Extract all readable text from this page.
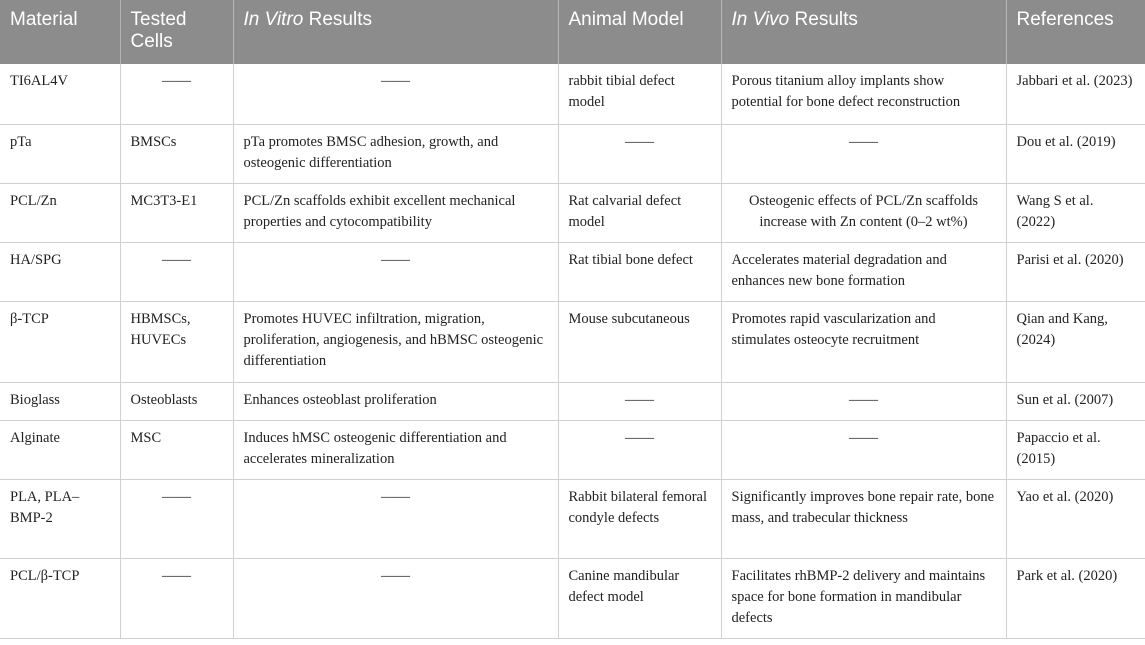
Material	Tested Cells	In Vitro Results	Animal Model	In Vivo Results	References
TI6AL4V	——	——	rabbit tibial defect model	Porous titanium alloy implants show potential for bone defect reconstruction	Jabbari et al. (2023)
pTa	BMSCs	pTa promotes BMSC adhesion, growth, and osteogenic differentiation	——	——	Dou et al. (2019)
PCL/Zn	MC3T3-E1	PCL/Zn scaffolds exhibit excellent mechanical properties and cytocompatibility	Rat calvarial defect model	Osteogenic effects of PCL/Zn scaffolds increase with Zn content (0–2 wt%)	Wang S et al. (2022)
HA/SPG	——	——	Rat tibial bone defect	Accelerates material degradation and enhances new bone formation	Parisi et al. (2020)
β-TCP	HBMSCs, HUVECs	Promotes HUVEC infiltration, migration, proliferation, angiogenesis, and hBMSC osteogenic differentiation	Mouse subcutaneous	Promotes rapid vascularization and stimulates osteocyte recruitment	Qian and Kang, (2024)
Bioglass	Osteoblasts	Enhances osteoblast proliferation	——	——	Sun et al. (2007)
Alginate	MSC	Induces hMSC osteogenic differentiation and accelerates mineralization	——	——	Papaccio et al. (2015)
PLA, PLA–BMP-2	——	——	Rabbit bilateral femoral condyle defects	Significantly improves bone repair rate, bone mass, and trabecular thickness	Yao et al. (2020)
PCL/β-TCP	——	——	Canine mandibular defect model	Facilitates rhBMP-2 delivery and maintains space for bone formation in mandibular defects	Park et al. (2020)
